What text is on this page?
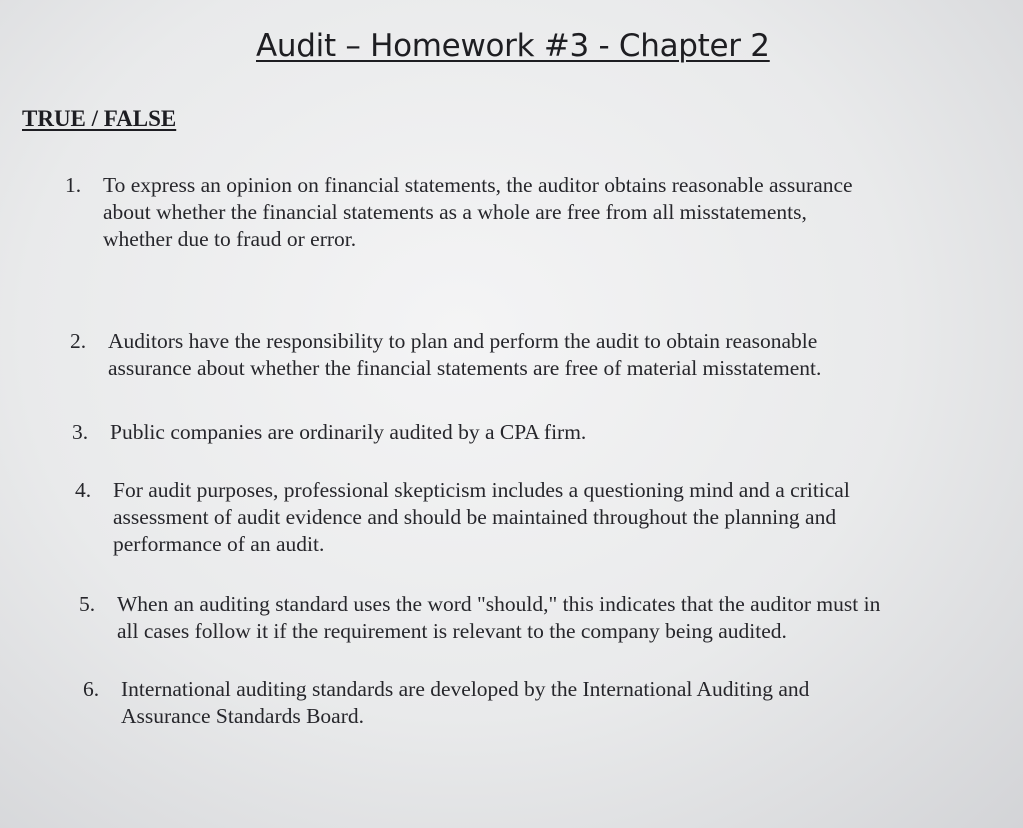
Audit – Homework #3 - Chapter 2
TRUE / FALSE
1.	To express an opinion on financial statements, the auditor obtains reasonable assurance
about whether the financial statements as a whole are free from all misstatements,
whether due to fraud or error.
2.	Auditors have the responsibility to plan and perform the audit to obtain reasonable
assurance about whether the financial statements are free of material misstatement.
3.	Public companies are ordinarily audited by a CPA firm.
4.	For audit purposes, professional skepticism includes a questioning mind and a critical
assessment of audit evidence and should be maintained throughout the planning and
performance of an audit.
5.	When an auditing standard uses the word "should," this indicates that the auditor must in
all cases follow it if the requirement is relevant to the company being audited.
6.	International auditing standards are developed by the International Auditing and
Assurance Standards Board.
